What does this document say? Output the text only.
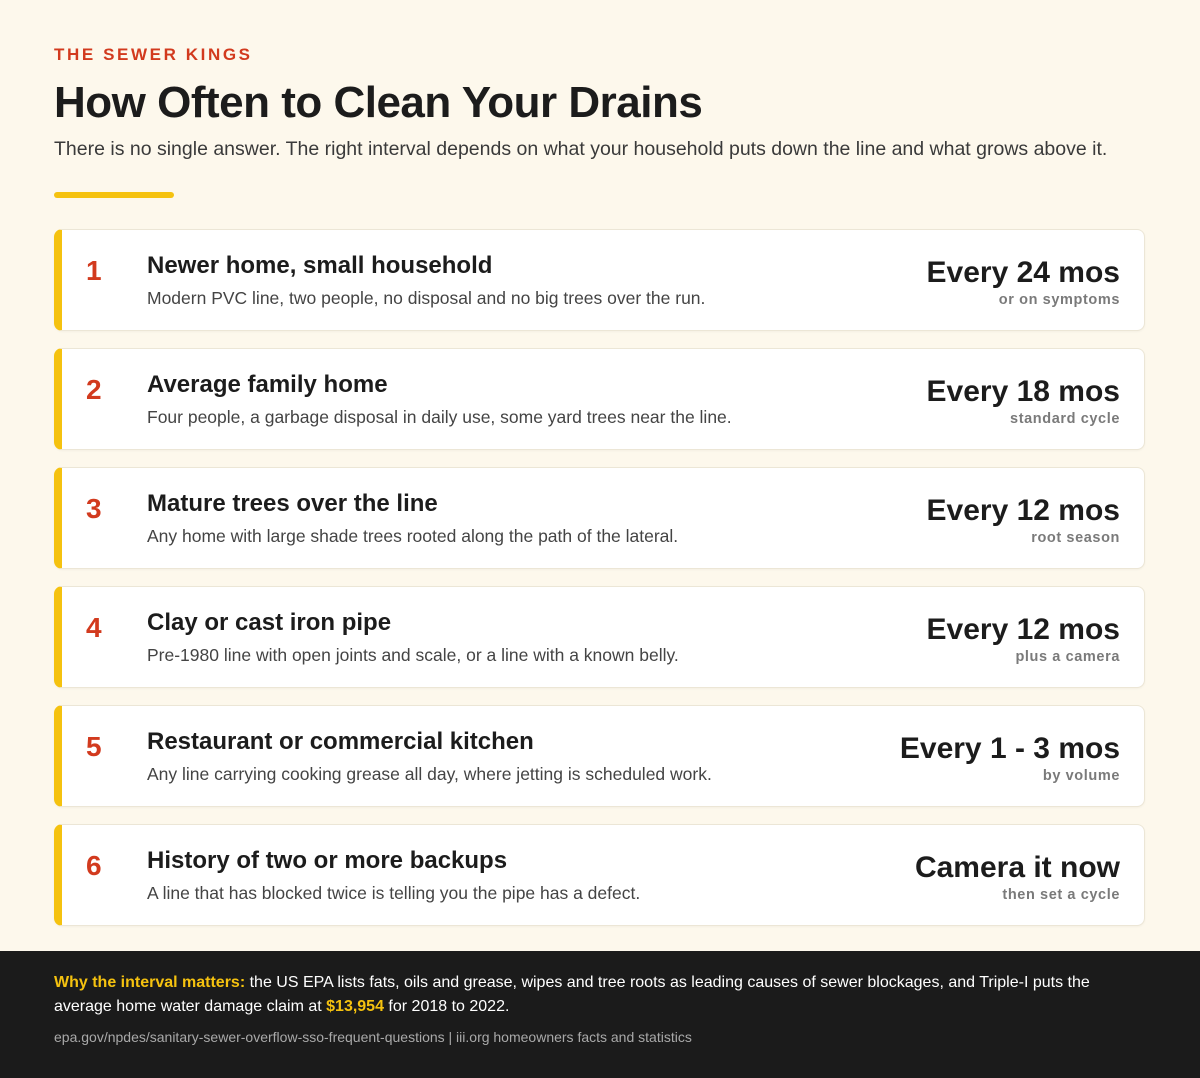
THE SEWER KINGS

How Often to Clean Your Drains

There is no single answer. The right interval depends on what your household puts down the line and what grows above it.

1 Newer home, small household
Modern PVC line, two people, no disposal and no big trees over the run.
Every 24 mos
or on symptoms
2 Average family home
Four people, a garbage disposal in daily use, some yard trees near the line.
Every 18 mos
standard cycle
3 Mature trees over the line
Any home with large shade trees rooted along the path of the lateral.
Every 12 mos
root season
4 Clay or cast iron pipe
Pre-1980 line with open joints and scale, or a line with a known belly.
Every 12 mos
plus a camera
5 Restaurant or commercial kitchen
Any line carrying cooking grease all day, where jetting is scheduled work.
Every 1 - 3 mos
by volume
6 History of two or more backups
A line that has blocked twice is telling you the pipe has a defect.
Camera it now
then set a cycle

Why the interval matters: the US EPA lists fats, oils and grease, wipes and tree roots as leading causes of sewer blockages, and Triple-I puts the average home water damage claim at $13,954 for 2018 to 2022.

epa.gov/npdes/sanitary-sewer-overflow-sso-frequent-questions | iii.org homeowners facts and statistics
